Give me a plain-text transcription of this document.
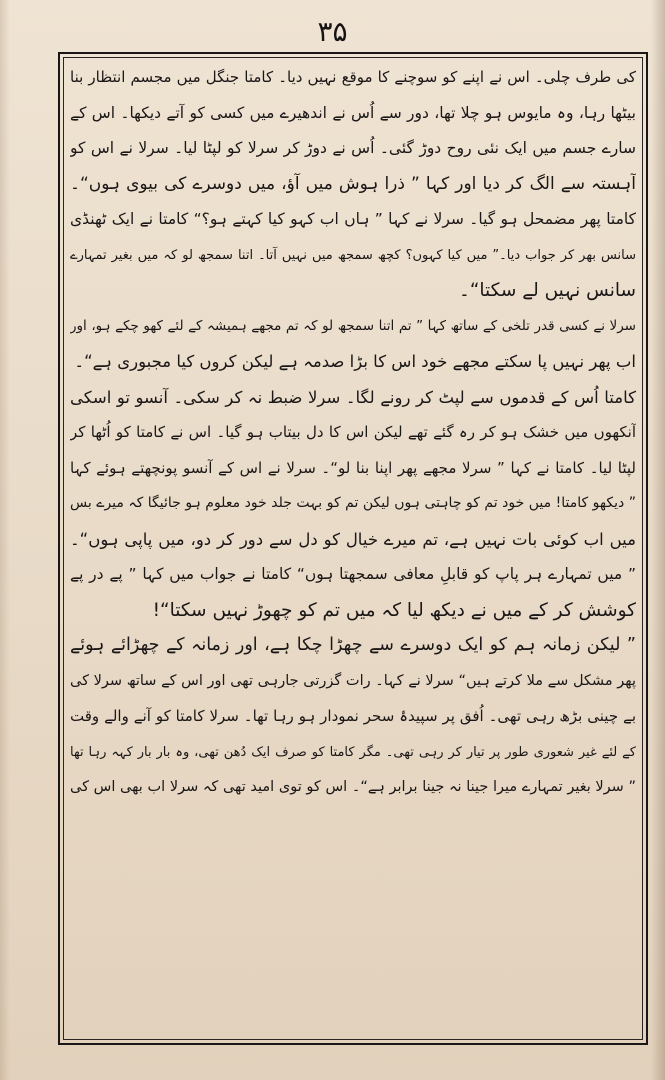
۳۵
کی طرف چلی۔ اس نے اپنے کو سوچنے کا موقع نہیں دیا۔ کامتا جنگل میں مجسم انتظار بنا
بیٹھا رہا، وہ مایوس ہو چلا تھا، دور سے اُس نے اندھیرے میں کسی کو آتے دیکھا۔ اس کے
سارے جسم میں ایک نئی روح دوڑ گئی۔ اُس نے دوڑ کر سرلا کو لپٹا لیا۔ سرلا نے اس کو
آہستہ سے الگ کر دیا اور کہا ” ذرا ہوش میں آؤ، میں دوسرے کی بیوی ہوں“۔
کامتا پھر مضمحل ہو گیا۔ سرلا نے کہا ” ہاں اب کہو کیا کہتے ہو؟“ کامتا نے ایک ٹھنڈی
سانس بھر کر جواب دیا۔” میں کیا کہوں؟ کچھ سمجھ میں نہیں آتا۔ اتنا سمجھ لو کہ میں بغیر تمہارے
سانس نہیں لے سکتا“۔
سرلا نے کسی قدر تلخی کے ساتھ کہا ” تم اتنا سمجھ لو کہ تم مجھے ہمیشہ کے لئے کھو چکے ہو، اور
اب پھر نہیں پا سکتے مجھے خود اس کا بڑا صدمہ ہے لیکن کروں کیا مجبوری ہے“۔
کامتا اُس کے قدموں سے لپٹ کر رونے لگا۔ سرلا ضبط نہ کر سکی۔ آنسو تو اسکی
آنکھوں میں خشک ہو کر رہ گئے تھے لیکن اس کا دل بیتاب ہو گیا۔ اس نے کامتا کو اُٹھا کر
لپٹا لیا۔ کامتا نے کہا ” سرلا مجھے پھر اپنا بنا لو“۔ سرلا نے اس کے آنسو پونچھتے ہوئے کہا
” دیکھو کامتا! میں خود تم کو چاہتی ہوں لیکن تم کو بہت جلد خود معلوم ہو جائیگا کہ میرے بس
میں اب کوئی بات نہیں ہے، تم میرے خیال کو دل سے دور کر دو، میں پاپی ہوں“۔
” میں تمہارے ہر پاپ کو قابلِ معافی سمجھتا ہوں“ کامتا نے جواب میں کہا ” پے در پے
کوشش کر کے میں نے دیکھ لیا کہ میں تم کو چھوڑ نہیں سکتا“!
” لیکن زمانہ ہم کو ایک دوسرے سے چھڑا چکا ہے، اور زمانہ کے چھڑائے ہوئے
پھر مشکل سے ملا کرتے ہیں“ سرلا نے کہا۔ رات گزرتی جارہی تھی اور اس کے ساتھ سرلا کی
بے چینی بڑھ رہی تھی۔ اُفق پر سپیدۂ سحر نمودار ہو رہا تھا۔ سرلا کامتا کو آنے والے وقت
کے لئے غیر شعوری طور پر تیار کر رہی تھی۔ مگر کامتا کو صرف ایک دُھن تھی، وہ بار بار کہہ رہا تھا
” سرلا بغیر تمہارے میرا جینا نہ جینا برابر ہے“۔ اس کو توی امید تھی کہ سرلا اب بھی اس کی
